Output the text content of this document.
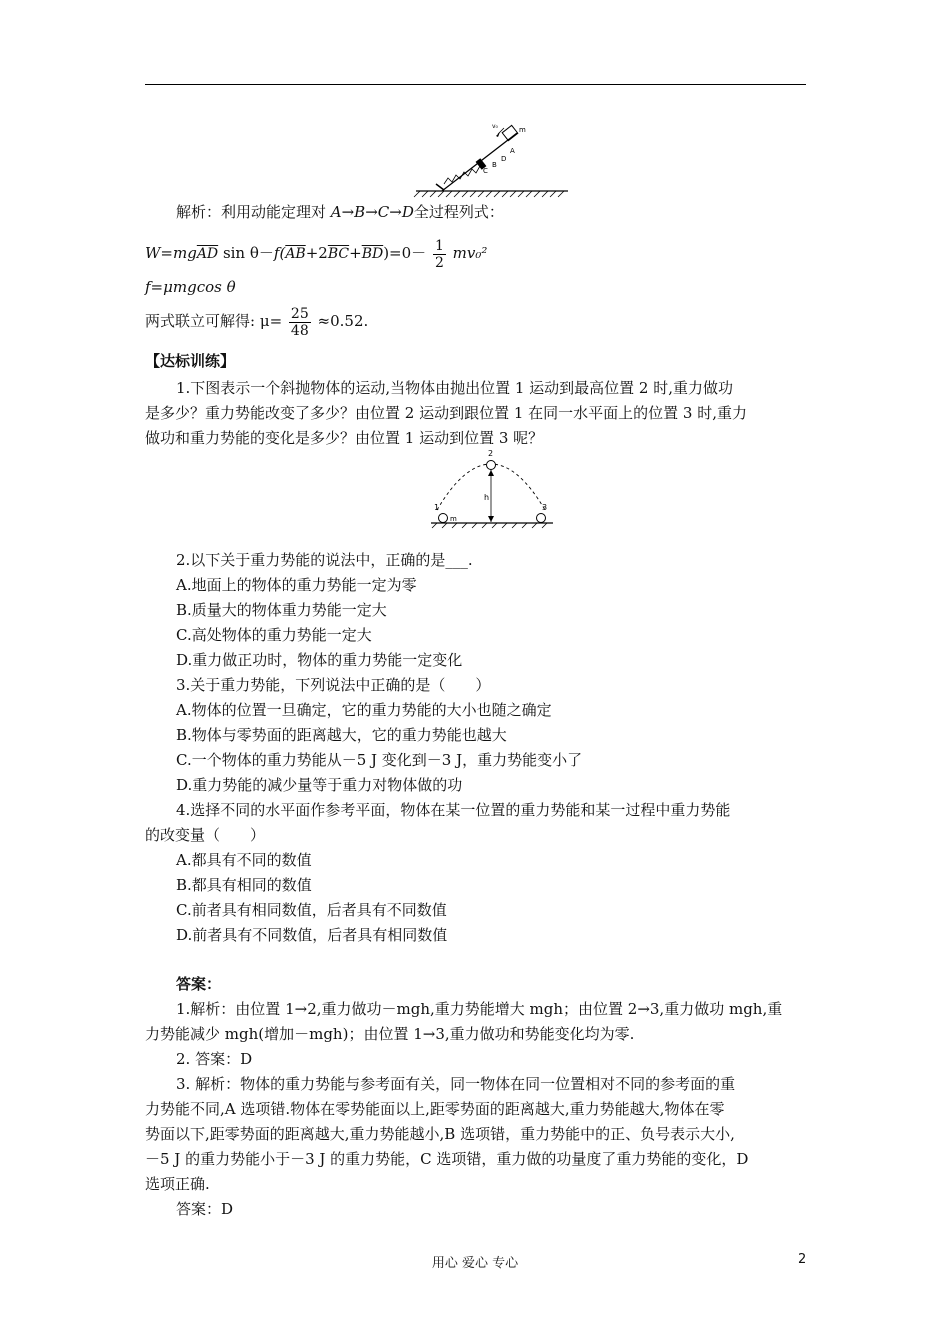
v₀	m
A
D
B
C
解析：利用动能定理对 A→B→C→D全过程列式：
$W=mg\overline{AD}$ $\sin \theta-f(\overline{AB}+2\overline{BC}+\overline{BD})=0- \frac{1}{2} mv_0^2$
f=μmgcos θ
两式联立可解得: $\mu= \frac{25}{48} \approx 0.52$.
【达标训练】
1.下图表示一个斜抛物体的运动,当物体由抛出位置 1 运动到最高位置 2 时,重力做功
是多少？重力势能改变了多少？由位置 2 运动到跟位置 1 在同一水平面上的位置 3 时,重力
做功和重力势能的变化是多少？由位置 1 运动到位置 3 呢？
2
1	3
m
h
2.以下关于重力势能的说法中，正确的是___.
A.地面上的物体的重力势能一定为零
B.质量大的物体重力势能一定大
C.高处物体的重力势能一定大
D.重力做正功时，物体的重力势能一定变化
3.关于重力势能，下列说法中正确的是（　　）
A.物体的位置一旦确定，它的重力势能的大小也随之确定
B.物体与零势面的距离越大，它的重力势能也越大
C.一个物体的重力势能从－5 J 变化到－3 J，重力势能变小了
D.重力势能的减少量等于重力对物体做的功
4.选择不同的水平面作参考平面，物体在某一位置的重力势能和某一过程中重力势能
的改变量（　　）
A.都具有不同的数值
B.都具有相同的数值
C.前者具有相同数值，后者具有不同数值
D.前者具有不同数值，后者具有相同数值
答案：
1.解析：由位置 1→2,重力做功－mgh,重力势能增大 mgh；由位置 2→3,重力做功 mgh,重
力势能减少 mgh(增加－mgh)；由位置 1→3,重力做功和势能变化均为零.
2. 答案：D
3. 解析：物体的重力势能与参考面有关，同一物体在同一位置相对不同的参考面的重
力势能不同,A 选项错.物体在零势能面以上,距零势面的距离越大,重力势能越大,物体在零
势面以下,距零势面的距离越大,重力势能越小,B 选项错，重力势能中的正、负号表示大小,
－5 J 的重力势能小于－3 J 的重力势能，C 选项错，重力做的功量度了重力势能的变化，D
选项正确.
答案：D
用心 爱心 专心	2
